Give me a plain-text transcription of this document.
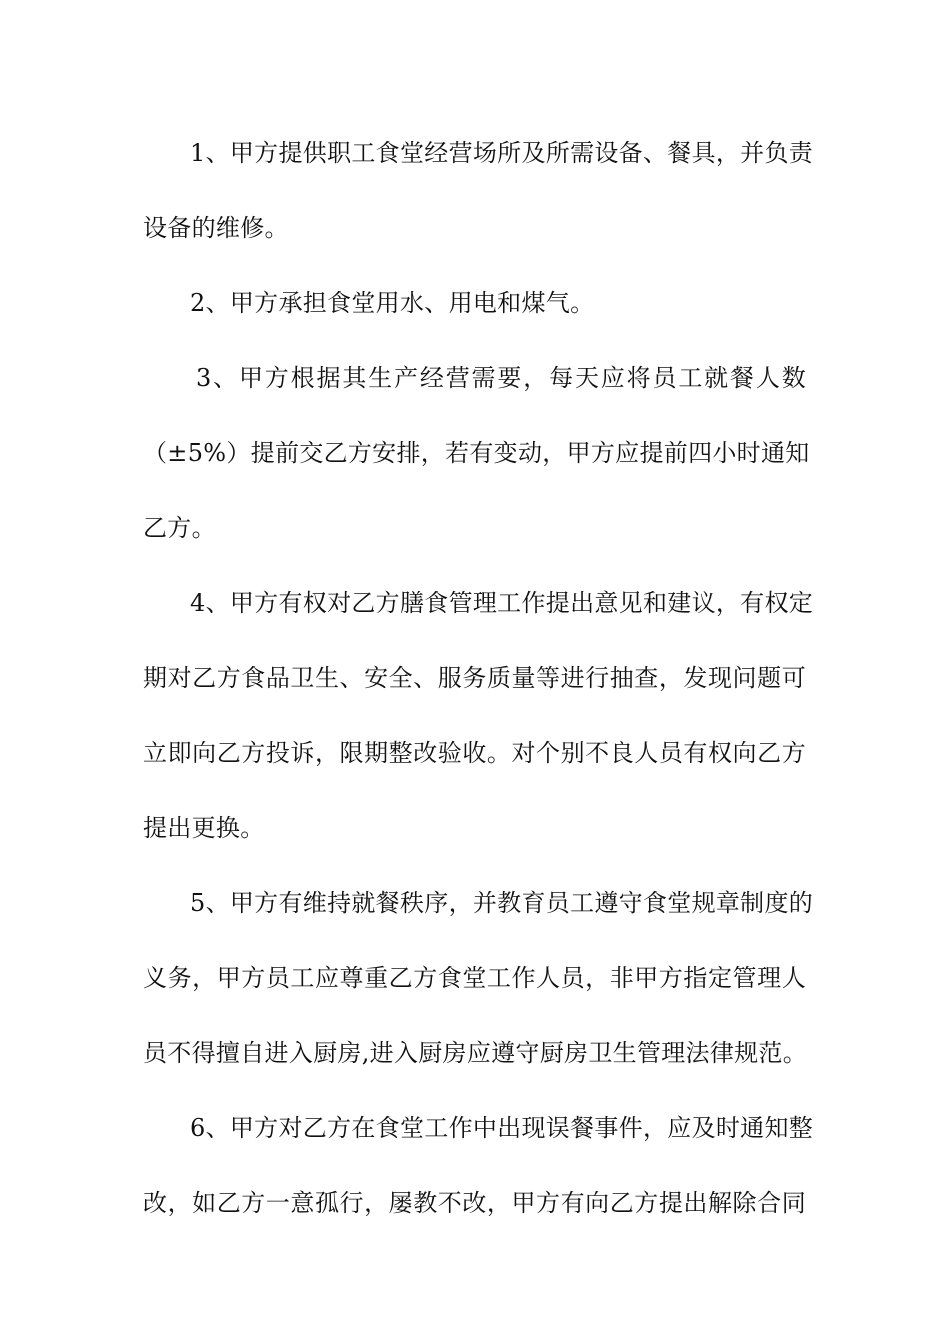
1、甲方提供职工食堂经营场所及所需设备、餐具，并负责
设备的维修。
2、甲方承担食堂用水、用电和煤气。
3、甲方根据其生产经营需要，每天应将员工就餐人数
（±5%）提前交乙方安排，若有变动，甲方应提前四小时通知
乙方。
4、甲方有权对乙方膳食管理工作提出意见和建议，有权定
期对乙方食品卫生、安全、服务质量等进行抽查，发现问题可
立即向乙方投诉，限期整改验收。对个别不良人员有权向乙方
提出更换。
5、甲方有维持就餐秩序，并教育员工遵守食堂规章制度的
义务，甲方员工应尊重乙方食堂工作人员，非甲方指定管理人
员不得擅自进入厨房,进入厨房应遵守厨房卫生管理法律规范。
6、甲方对乙方在食堂工作中出现误餐事件，应及时通知整
改，如乙方一意孤行，屡教不改，甲方有向乙方提出解除合同
